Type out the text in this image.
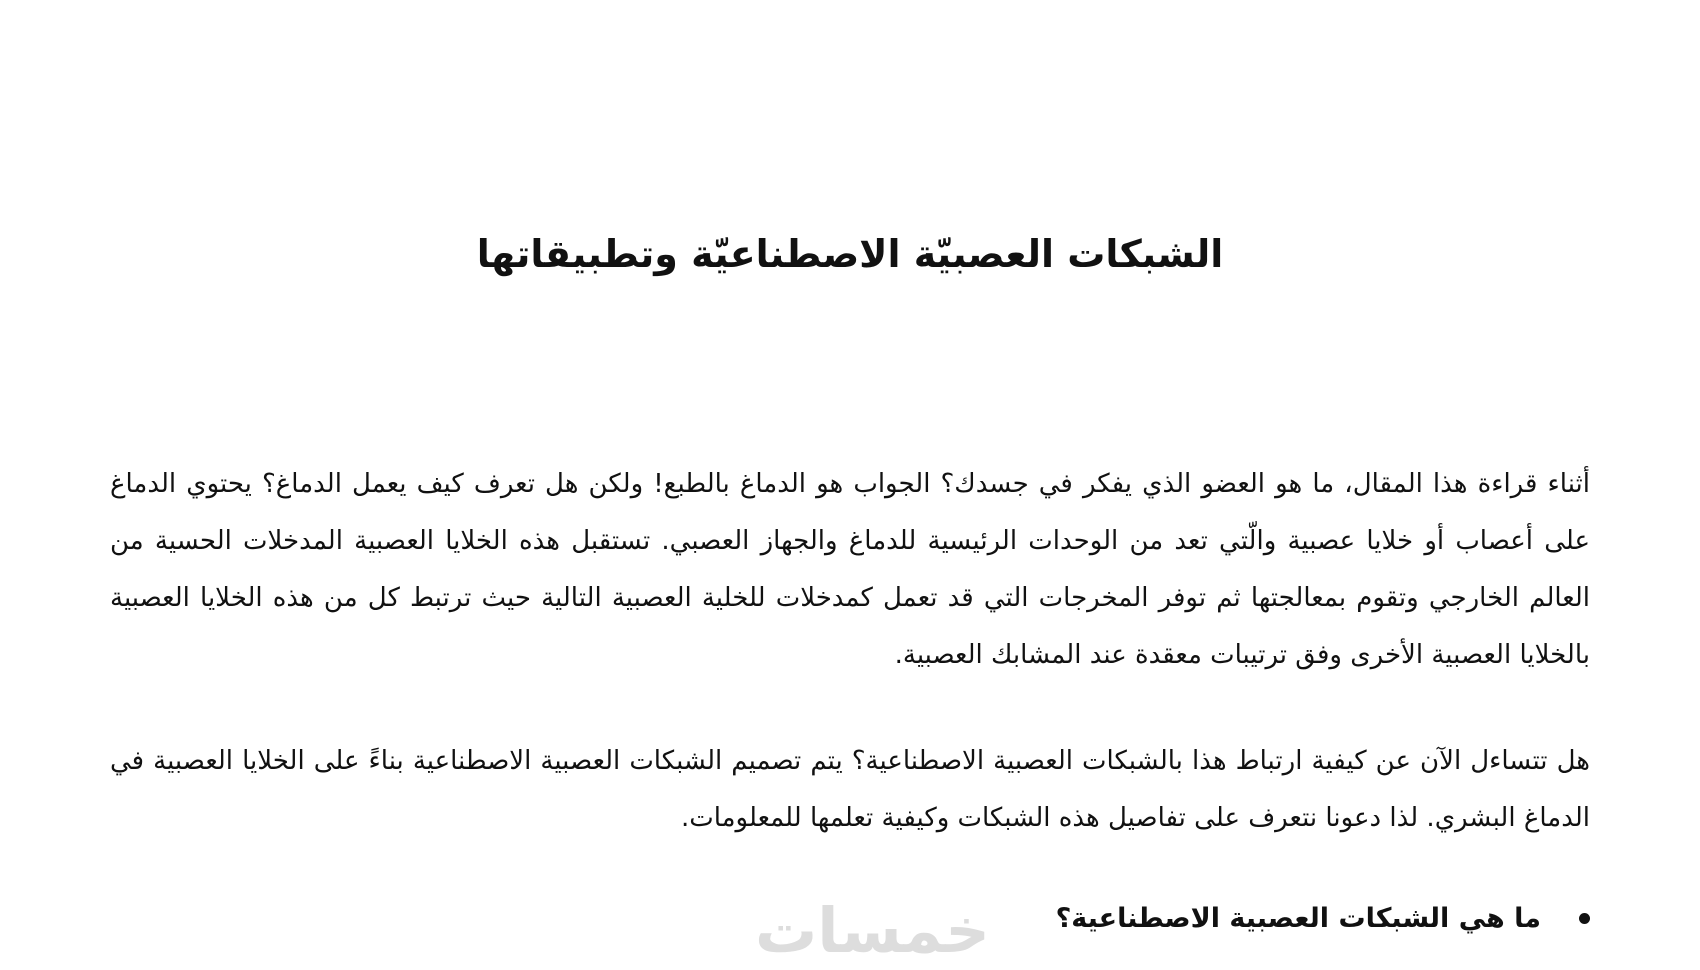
الشبكات العصبيّة الاصطناعيّة وتطبيقاتها

أثناء قراءة هذا المقال، ما هو العضو الذي يفكر في جسدك؟ الجواب هو الدماغ بالطبع! ولكن هل تعرف كيف يعمل الدماغ؟ يحتوي الدماغ على أعصاب أو خلايا عصبية والّتي تعد من الوحدات الرئيسية للدماغ والجهاز العصبي. تستقبل هذه الخلايا العصبية المدخلات الحسية من العالم الخارجي وتقوم بمعالجتها ثم توفر المخرجات التي قد تعمل كمدخلات للخلية العصبية التالية حيث ترتبط كل من هذه الخلايا العصبية بالخلايا العصبية الأخرى وفق ترتيبات معقدة عند المشابك العصبية.

هل تتساءل الآن عن كيفية ارتباط هذا بالشبكات العصبية الاصطناعية؟ يتم تصميم الشبكات العصبية الاصطناعية بناءً على الخلايا العصبية في الدماغ البشري. لذا دعونا نتعرف على تفاصيل هذه الشبكات وكيفية تعلمها للمعلومات.

ما هي الشبكات العصبية الاصطناعية؟
خمسات
